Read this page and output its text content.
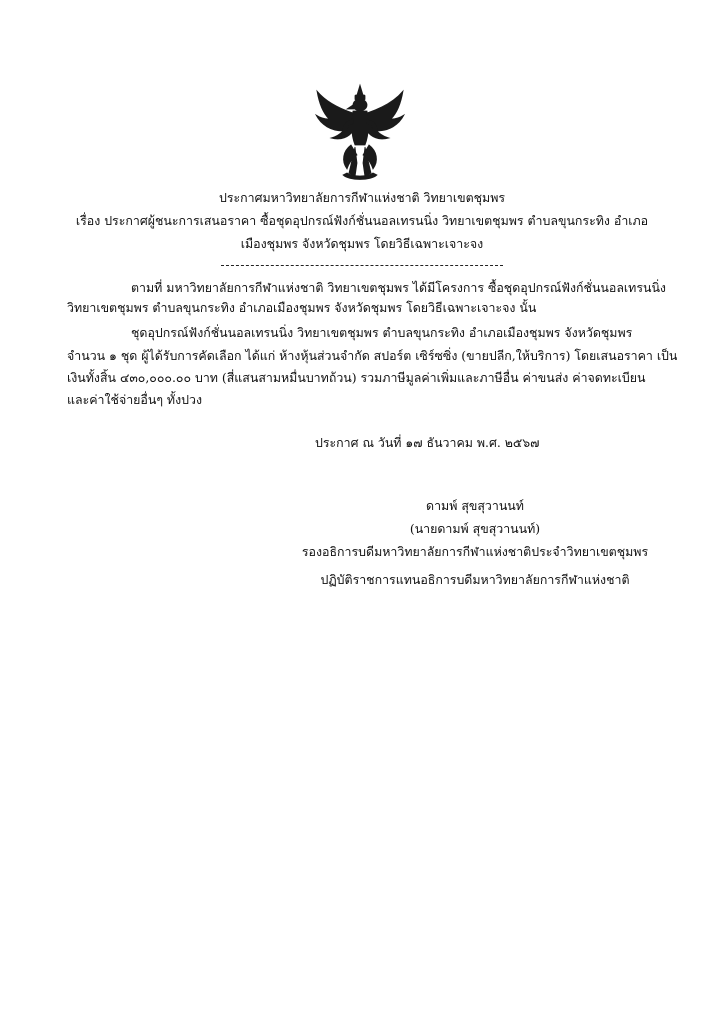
ประกาศมหาวิทยาลัยการกีฬาแห่งชาติ วิทยาเขตชุมพร
เรื่อง ประกาศผู้ชนะการเสนอราคา ซื้อชุดอุปกรณ์ฟังก์ชั่นนอลเทรนนิ่ง วิทยาเขตชุมพร ตำบลขุนกระทิง อำเภอ
เมืองชุมพร จังหวัดชุมพร โดยวิธีเฉพาะเจาะจง
ตามที่ มหาวิทยาลัยการกีฬาแห่งชาติ วิทยาเขตชุมพร ได้มีโครงการ ซื้อชุดอุปกรณ์ฟังก์ชั่นนอลเทรนนิ่ง
วิทยาเขตชุมพร ตำบลขุนกระทิง อำเภอเมืองชุมพร จังหวัดชุมพร โดยวิธีเฉพาะเจาะจง นั้น
ชุดอุปกรณ์ฟังก์ชั่นนอลเทรนนิ่ง วิทยาเขตชุมพร ตำบลขุนกระทิง อำเภอเมืองชุมพร จังหวัดชุมพร
จำนวน ๑ ชุด ผู้ได้รับการคัดเลือก ได้แก่ ห้างหุ้นส่วนจำกัด สปอร์ต เซิร์ซซิ่ง (ขายปลีก,ให้บริการ) โดยเสนอราคา เป็น
เงินทั้งสิ้น ๔๓๐,๐๐๐.๐๐ บาท (สี่แสนสามหมื่นบาทถ้วน) รวมภาษีมูลค่าเพิ่มและภาษีอื่น ค่าขนส่ง ค่าจดทะเบียน
และค่าใช้จ่ายอื่นๆ ทั้งปวง
ประกาศ ณ วันที่ ๑๗ ธันวาคม พ.ศ. ๒๕๖๗
ดามพ์ สุขสุวานนท์
(นายดามพ์ สุขสุวานนท์)
รองอธิการบดีมหาวิทยาลัยการกีฬาแห่งชาติประจำวิทยาเขตชุมพร
ปฏิบัติราชการแทนอธิการบดีมหาวิทยาลัยการกีฬาแห่งชาติ
